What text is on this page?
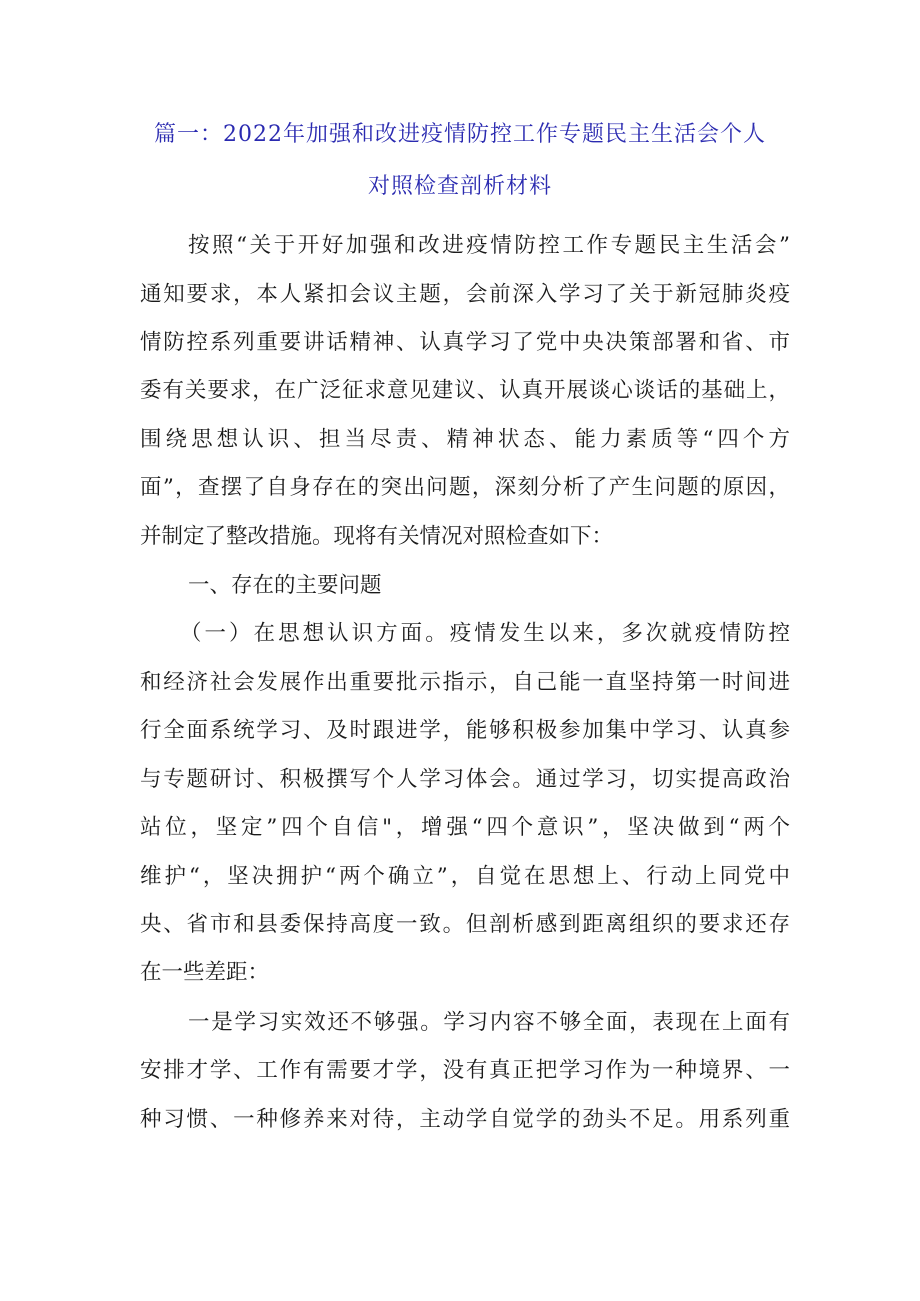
篇一：2022年加强和改进疫情防控工作专题民主生活会个人
对照检查剖析材料
按照“关于开好加强和改进疫情防控工作专题民主生活会”
通知要求，本人紧扣会议主题，会前深入学习了关于新冠肺炎疫
情防控系列重要讲话精神、认真学习了党中央决策部署和省、市
委有关要求，在广泛征求意见建议、认真开展谈心谈话的基础上，
围绕思想认识、担当尽责、精神状态、能力素质等“四个方
面”，查摆了自身存在的突出问题，深刻分析了产生问题的原因，
并制定了整改措施。现将有关情况对照检查如下：
一、存在的主要问题
（一）在思想认识方面。疫情发生以来，多次就疫情防控
和经济社会发展作出重要批示指示，自己能一直坚持第一时间进
行全面系统学习、及时跟进学，能够积极参加集中学习、认真参
与专题研讨、积极撰写个人学习体会。通过学习，切实提高政治
站位，坚定”四个自信"，增强“四个意识”，坚决做到“两个
维护“，坚决拥护“两个确立”，自觉在思想上、行动上同党中
央、省市和县委保持高度一致。但剖析感到距离组织的要求还存
在一些差距：
一是学习实效还不够强。学习内容不够全面，表现在上面有
安排才学、工作有需要才学，没有真正把学习作为一种境界、一
种习惯、一种修养来对待，主动学自觉学的劲头不足。用系列重
